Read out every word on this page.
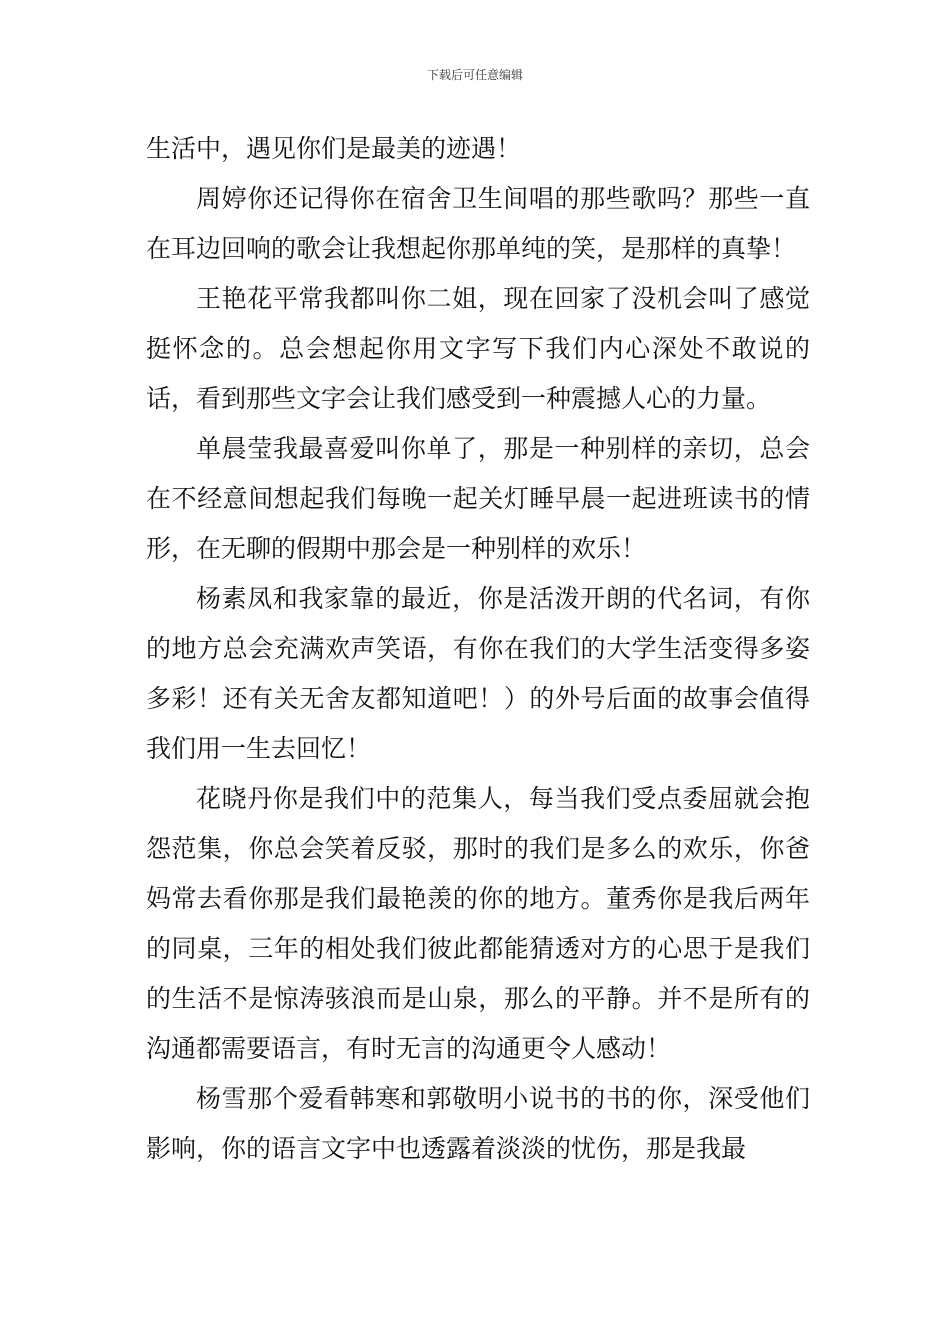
下载后可任意编辑

生活中，遇见你们是最美的迹遇！

周婷你还记得你在宿舍卫生间唱的那些歌吗？那些一直在耳边回响的歌会让我想起你那单纯的笑，是那样的真挚！

王艳花平常我都叫你二姐，现在回家了没机会叫了感觉挺怀念的。总会想起你用文字写下我们内心深处不敢说的话，看到那些文字会让我们感受到一种震撼人心的力量。

单晨莹我最喜爱叫你单了，那是一种别样的亲切，总会在不经意间想起我们每晚一起关灯睡早晨一起进班读书的情形，在无聊的假期中那会是一种别样的欢乐！

杨素凤和我家靠的最近，你是活泼开朗的代名词，有你的地方总会充满欢声笑语，有你在我们的大学生活变得多姿多彩！还有关无舍友都知道吧！）的外号后面的故事会值得我们用一生去回忆！

花晓丹你是我们中的范集人，每当我们受点委屈就会抱怨范集，你总会笑着反驳，那时的我们是多么的欢乐，你爸妈常去看你那是我们最艳羡的你的地方。董秀你是我后两年的同桌，三年的相处我们彼此都能猜透对方的心思于是我们的生活不是惊涛骇浪而是山泉，那么的平静。并不是所有的沟通都需要语言，有时无言的沟通更令人感动！

杨雪那个爱看韩寒和郭敬明小说书的书的你，深受他们影响，你的语言文字中也透露着淡淡的忧伤，那是我最
